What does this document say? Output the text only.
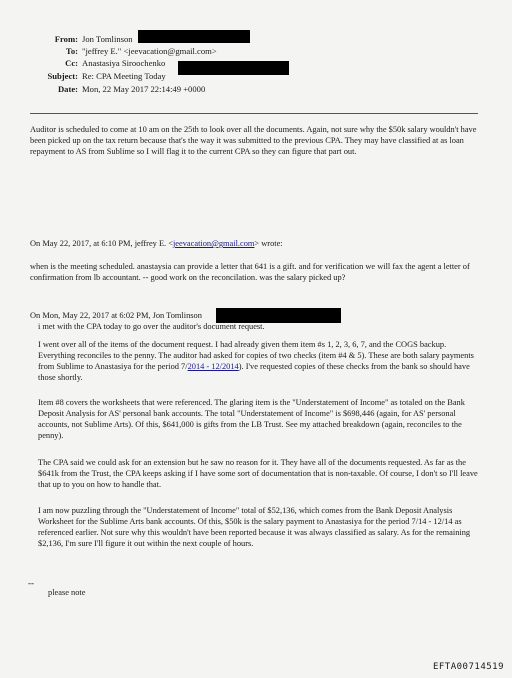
From: Jon Tomlinson
To: "jeffrey E." <jeevacation@gmail.com>
Cc: Anastasiya Siroochenko
Subject: Re: CPA Meeting Today
Date: Mon, 22 May 2017 22:14:49 +0000
Auditor is scheduled to come at 10 am on the 25th to look over all the documents. Again, not sure why the $50k salary wouldn't have been picked up on the tax return because that's the way it was submitted to the previous CPA. They may have classified at as loan repayment to AS from Sublime so I will flag it to the current CPA so they can figure that part out.
On May 22, 2017, at 6:10 PM, jeffrey E. <jeevacation@gmail.com> wrote:
when is the meeting scheduled. anastaysia can provide a letter that 641 is a gift. and for verification we will fax the agent a letter of confirmation from lb accountant. -- good work on the reconcilation. was the salary picked up?
On Mon, May 22, 2017 at 6:02 PM, Jon Tomlinson
i met with the CPA today to go over the auditor's document request.
I went over all of the items of the document request. I had already given them item #s 1, 2, 3, 6, 7, and the COGS backup. Everything reconciles to the penny. The auditor had asked for copies of two checks (item #4 & 5). These are both salary payments from Sublime to Anastasiya for the period 7/2014 - 12/2014). I've requested copies of these checks from the bank so should have those shortly.
Item #8 covers the worksheets that were referenced. The glaring item is the "Understatement of Income" as totaled on the Bank Deposit Analysis for AS' personal bank accounts. The total "Understatement of Income" is $698,446 (again, for AS' personal accounts, not Sublime Arts). Of this, $641,000 is gifts from the LB Trust. See my attached breakdown (again, reconciles to the penny).
The CPA said we could ask for an extension but he saw no reason for it. They have all of the documents requested. As far as the $641k from the Trust, the CPA keeps asking if I have some sort of documentation that is non-taxable. Of course, I don't so I'll leave that up to you on how to handle that.
I am now puzzling through the "Understatement of Income" total of $52,136, which comes from the Bank Deposit Analysis Worksheet for the Sublime Arts bank accounts. Of this, $50k is the salary payment to Anastasiya for the period 7/14 - 12/14 as referenced earlier. Not sure why this wouldn't have been reported because it was always classified as salary. As for the remaining $2,136, I'm sure I'll figure it out within the next couple of hours.
--
please note
EFTA00714519
